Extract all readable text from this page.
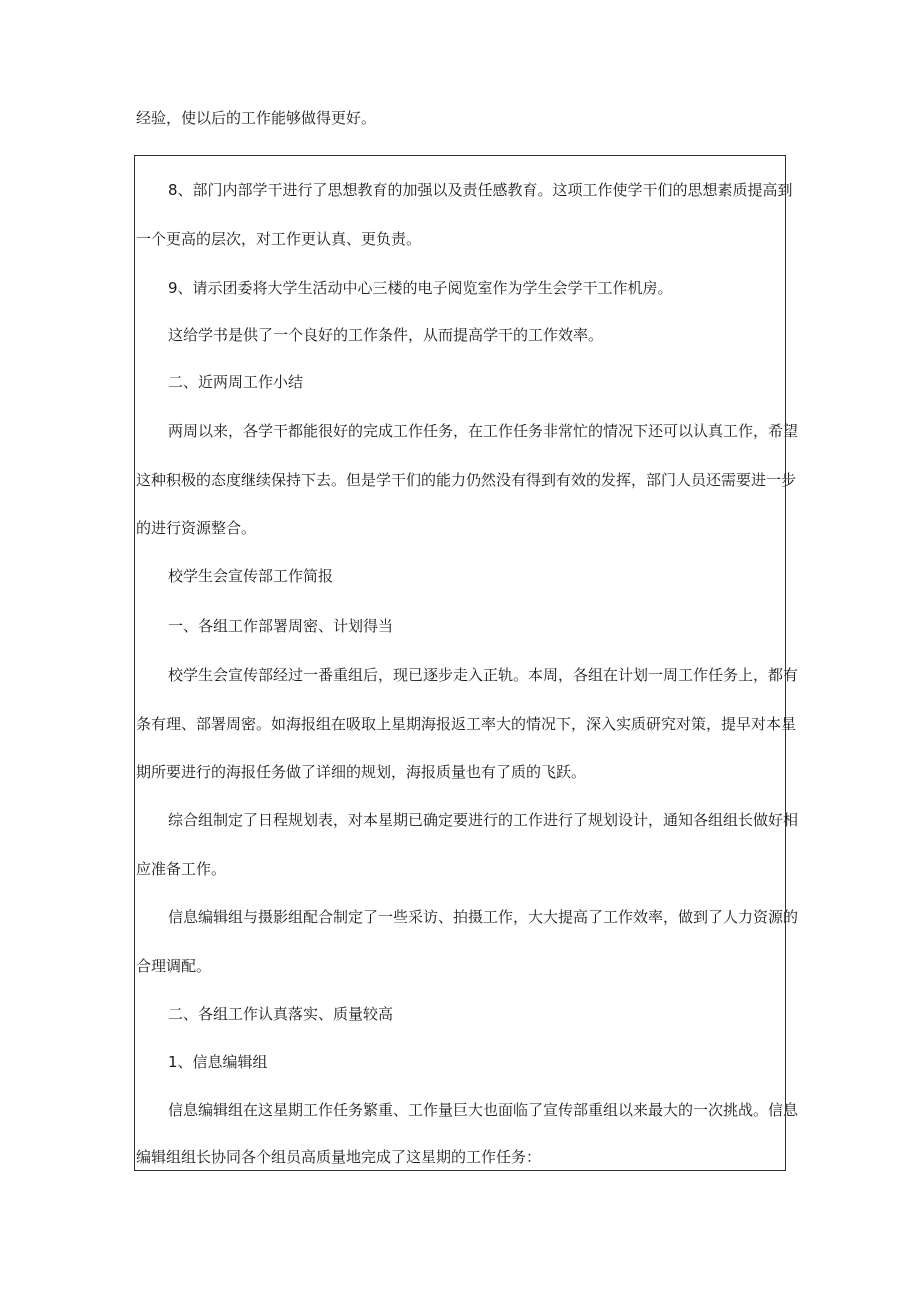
经验，使以后的工作能够做得更好。
8、部门内部学干进行了思想教育的加强以及责任感教育。这项工作使学干们的思想素质提高到
一个更高的层次，对工作更认真、更负责。
9、请示团委将大学生活动中心三楼的电子阅览室作为学生会学干工作机房。
这给学书是供了一个良好的工作条件，从而提高学干的工作效率。
二、近两周工作小结
两周以来，各学干都能很好的完成工作任务，在工作任务非常忙的情况下还可以认真工作，希望
这种积极的态度继续保持下去。但是学干们的能力仍然没有得到有效的发挥，部门人员还需要进一步
的进行资源整合。
校学生会宣传部工作简报
一、各组工作部署周密、计划得当
校学生会宣传部经过一番重组后，现已逐步走入正轨。本周，各组在计划一周工作任务上，都有
条有理、部署周密。如海报组在吸取上星期海报返工率大的情况下，深入实质研究对策，提早对本星
期所要进行的海报任务做了详细的规划，海报质量也有了质的飞跃。
综合组制定了日程规划表，对本星期已确定要进行的工作进行了规划设计，通知各组组长做好相
应准备工作。
信息编辑组与摄影组配合制定了一些采访、拍摄工作，大大提高了工作效率，做到了人力资源的
合理调配。
二、各组工作认真落实、质量较高
1、信息编辑组
信息编辑组在这星期工作任务繁重、工作量巨大也面临了宣传部重组以来最大的一次挑战。信息
编辑组组长协同各个组员高质量地完成了这星期的工作任务：
